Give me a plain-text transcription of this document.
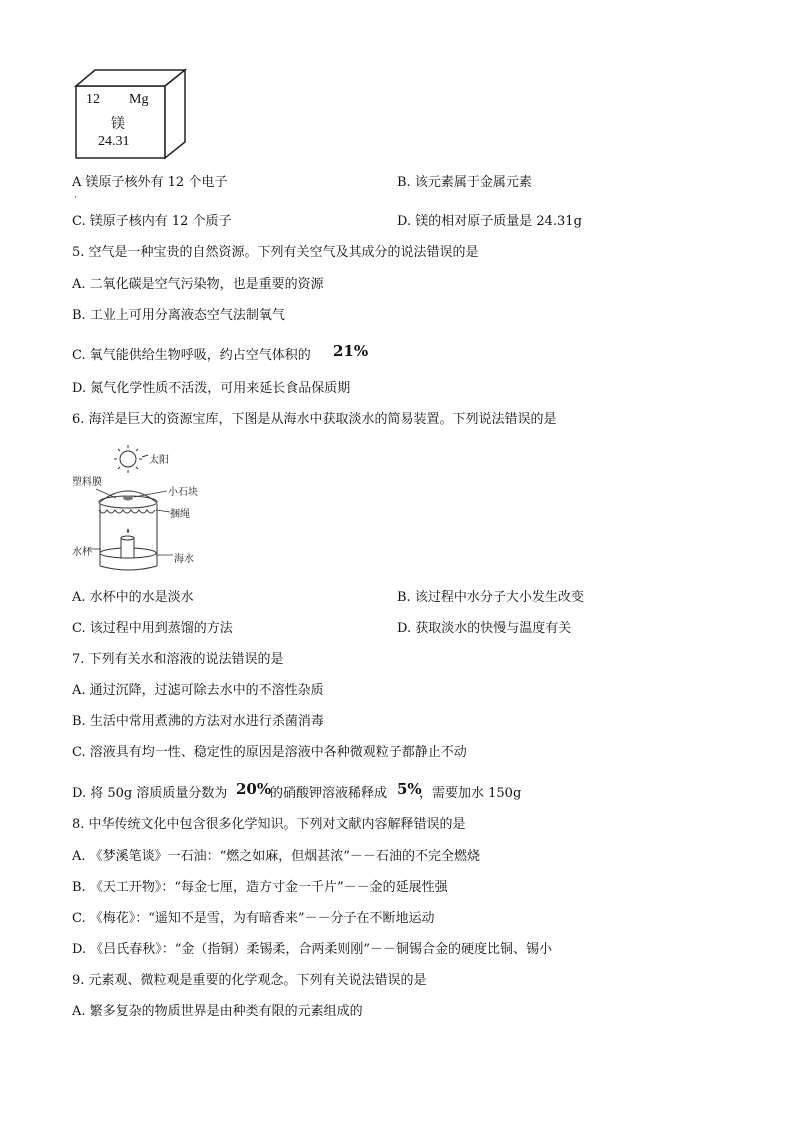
12 Mg
镁
24.31
A 镁原子核外有 12 个电子
·
B. 该元素属于金属元素
C. 镁原子核内有 12 个质子	D. 镁的相对原子质量是 24.31g
5. 空气是一种宝贵的自然资源。下列有关空气及其成分的说法错误的是
A. 二氧化碳是空气污染物，也是重要的资源
B. 工业上可用分离液态空气法制氧气
C. 氧气能供给生物呼吸，约占空气体积的 21%
D. 氮气化学性质不活泼，可用来延长食品保质期
6. 海洋是巨大的资源宝库，下图是从海水中获取淡水的简易装置。下列说法错误的是
太阳
塑料膜
小石块
捆绳
水杯
海水
A. 水杯中的水是淡水	B. 该过程中水分子大小发生改变
C. 该过程中用到蒸馏的方法	D. 获取淡水的快慢与温度有关
7. 下列有关水和溶液的说法错误的是
A. 通过沉降，过滤可除去水中的不溶性杂质
B. 生活中常用煮沸的方法对水进行杀菌消毒
C. 溶液具有均一性、稳定性的原因是溶液中各种微观粒子都静止不动
D. 将 50g 溶质质量分数为 20%
的硝酸钾溶液稀释成 5%
，需要加水 150g
8. 中华传统文化中包含很多化学知识。下列对文献内容解释错误的是
A. 《梦溪笔谈》一石油：“燃之如麻，但烟甚浓”－－石油的不完全燃烧
B. 《天工开物》：“每金七厘，造方寸金一千片”－－金的延展性强
C. 《梅花》：“遥知不是雪，为有暗香来”－－分子在不断地运动
D. 《吕氏春秋》：“金（指铜）柔锡柔，合两柔则刚”－－铜锡合金的硬度比铜、锡小
9. 元素观、微粒观是重要的化学观念。下列有关说法错误的是
A. 繁多复杂的物质世界是由种类有限的元素组成的
